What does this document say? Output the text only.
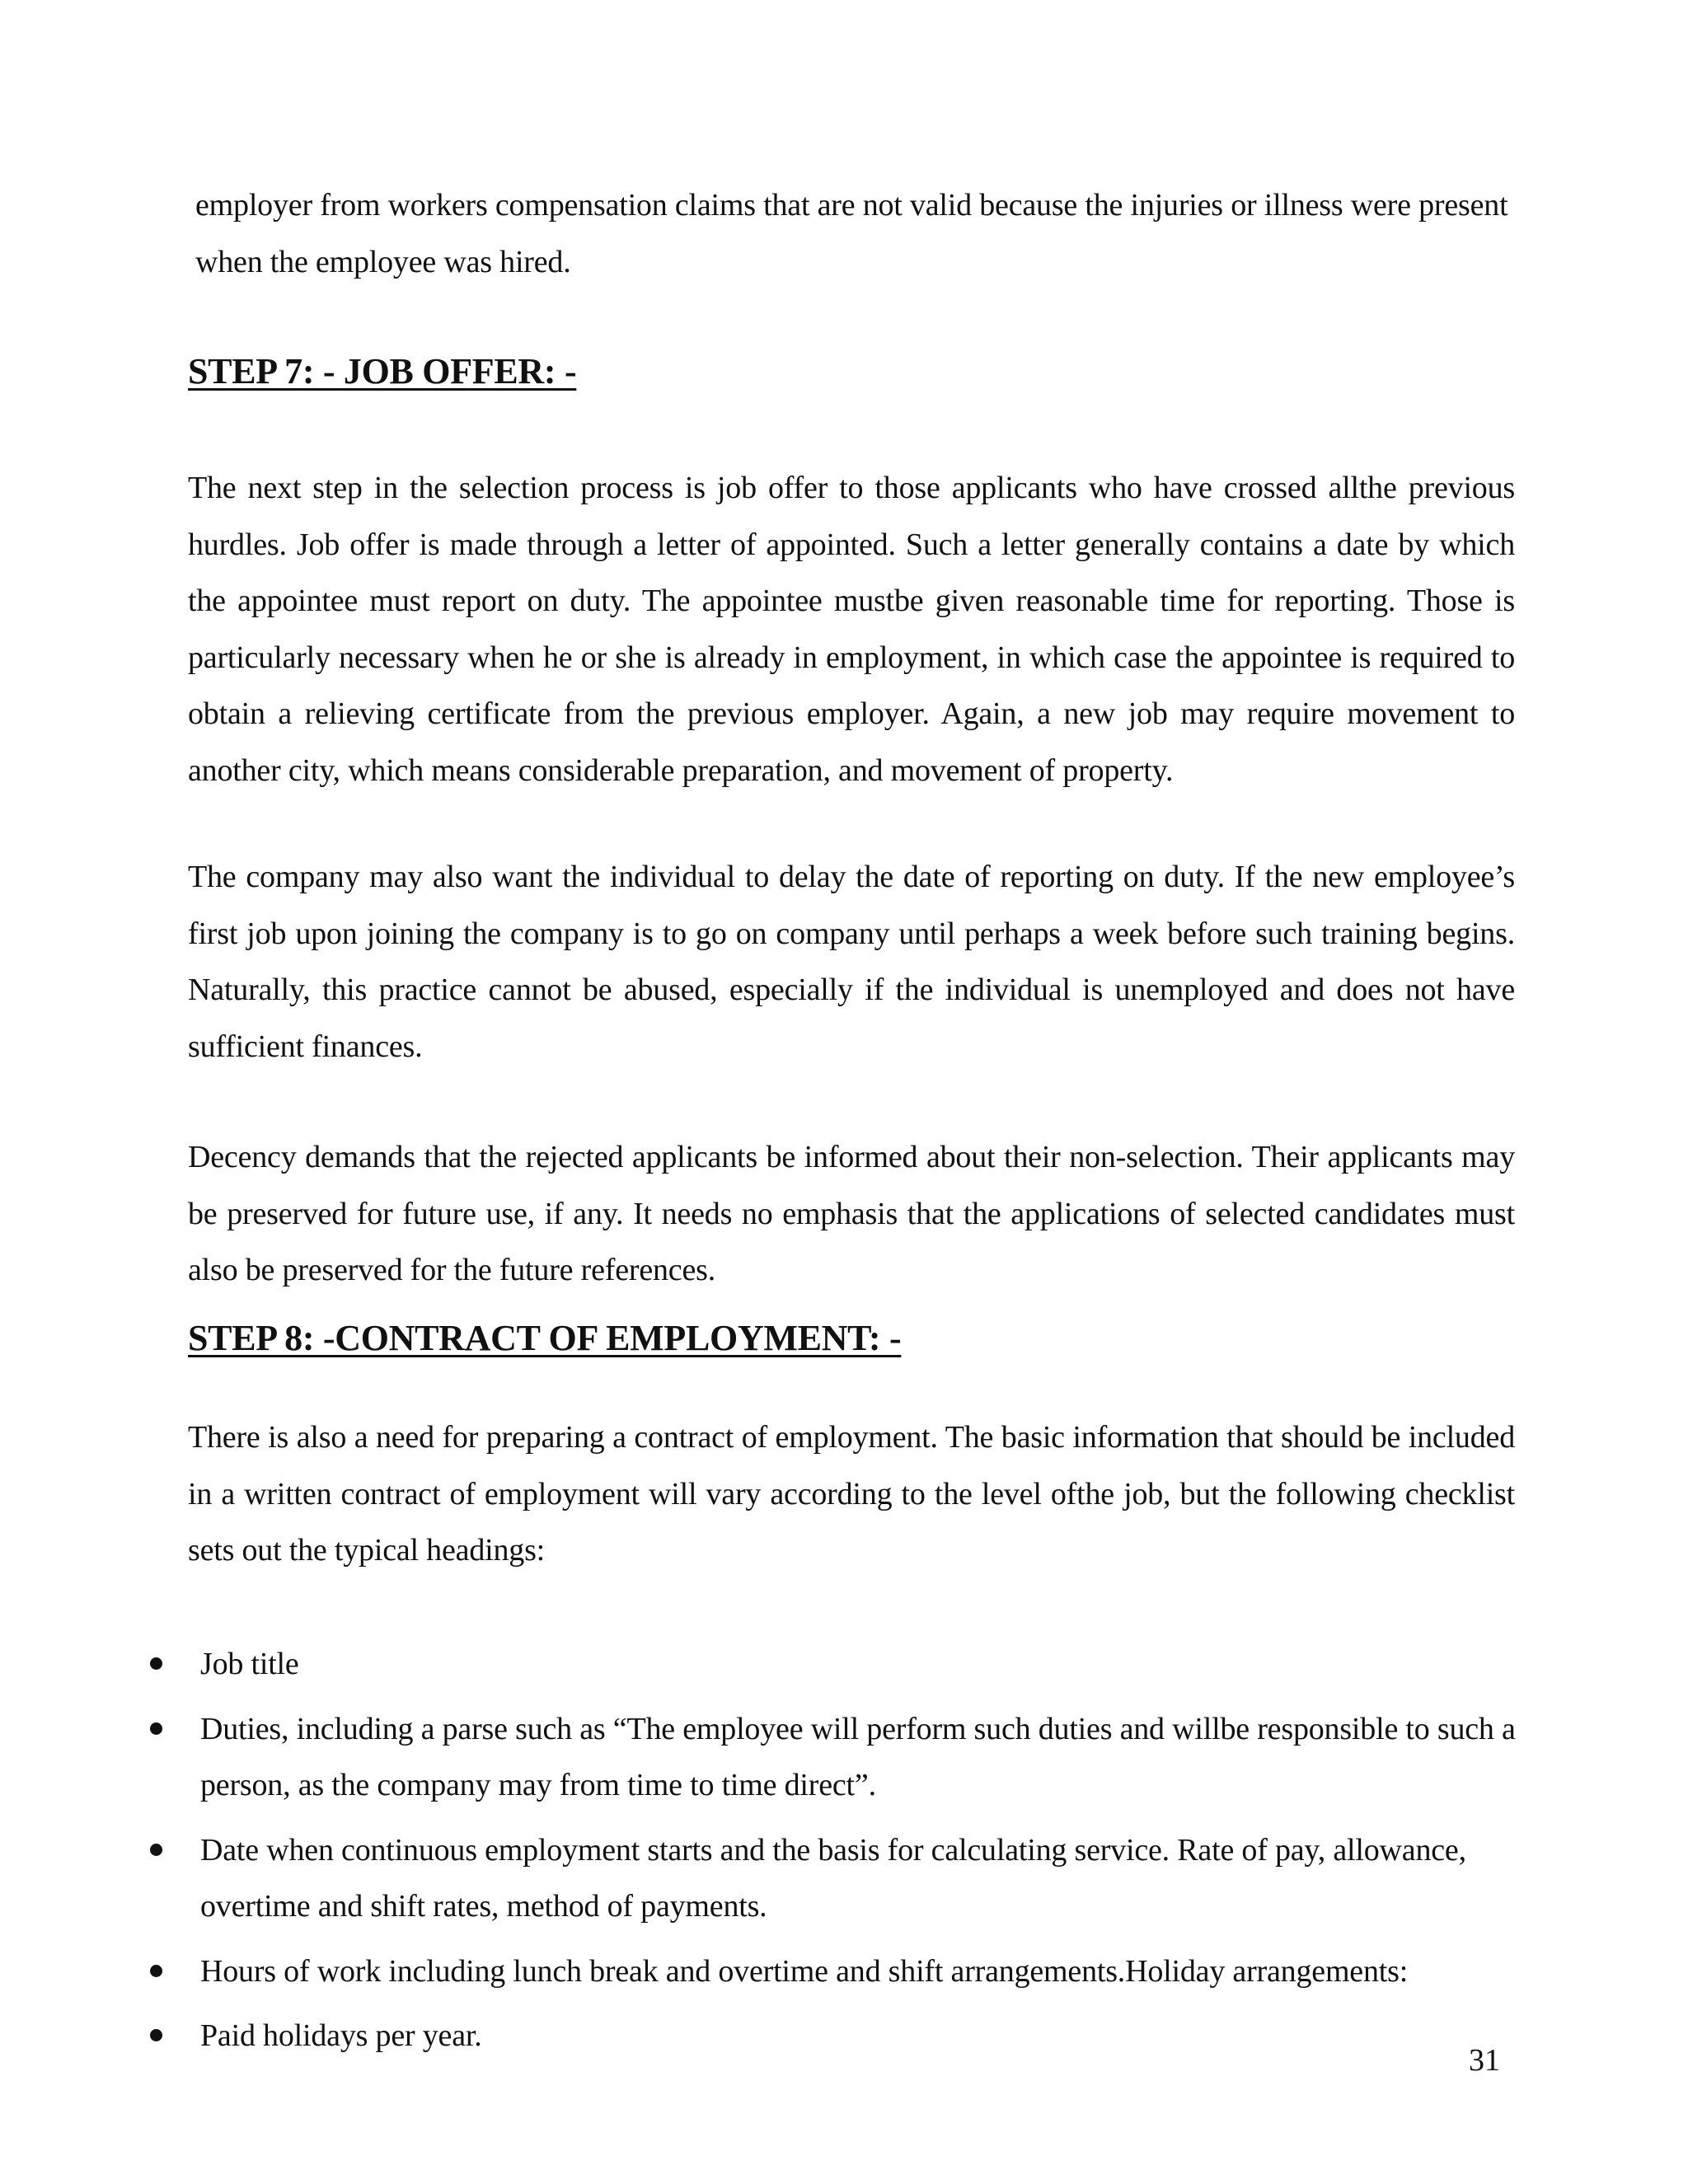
employer from workers compensation claims that are not valid because the injuries or illness were present when the employee was hired.

STEP 7: - JOB OFFER: -

The next step in the selection process is job offer to those applicants who have crossed allthe previous hurdles. Job offer is made through a letter of appointed. Such a letter generally contains a date by which the appointee must report on duty. The appointee mustbe given reasonable time for reporting. Those is particularly necessary when he or she is already in employment, in which case the appointee is required to obtain a relieving certificate from the previous employer. Again, a new job may require movement to another city, which means considerable preparation, and movement of property.

The company may also want the individual to delay the date of reporting on duty. If the new employee’s first job upon joining the company is to go on company until perhaps a week before such training begins. Naturally, this practice cannot be abused, especially if the individual is unemployed and does not have sufficient finances.

Decency demands that the rejected applicants be informed about their non-selection. Their applicants may be preserved for future use, if any. It needs no emphasis that the applications of selected candidates must also be preserved for the future references.

STEP 8: -CONTRACT OF EMPLOYMENT: -

There is also a need for preparing a contract of employment. The basic information that should be included in a written contract of employment will vary according to the level ofthe job, but the following checklist sets out the typical headings:

Job title
Duties, including a parse such as “The employee will perform such duties and willbe responsible to such a person, as the company may from time to time direct”.
Date when continuous employment starts and the basis for calculating service. Rate of pay, allowance, overtime and shift rates, method of payments.
Hours of work including lunch break and overtime and shift arrangements.Holiday arrangements:
Paid holidays per year.

31
